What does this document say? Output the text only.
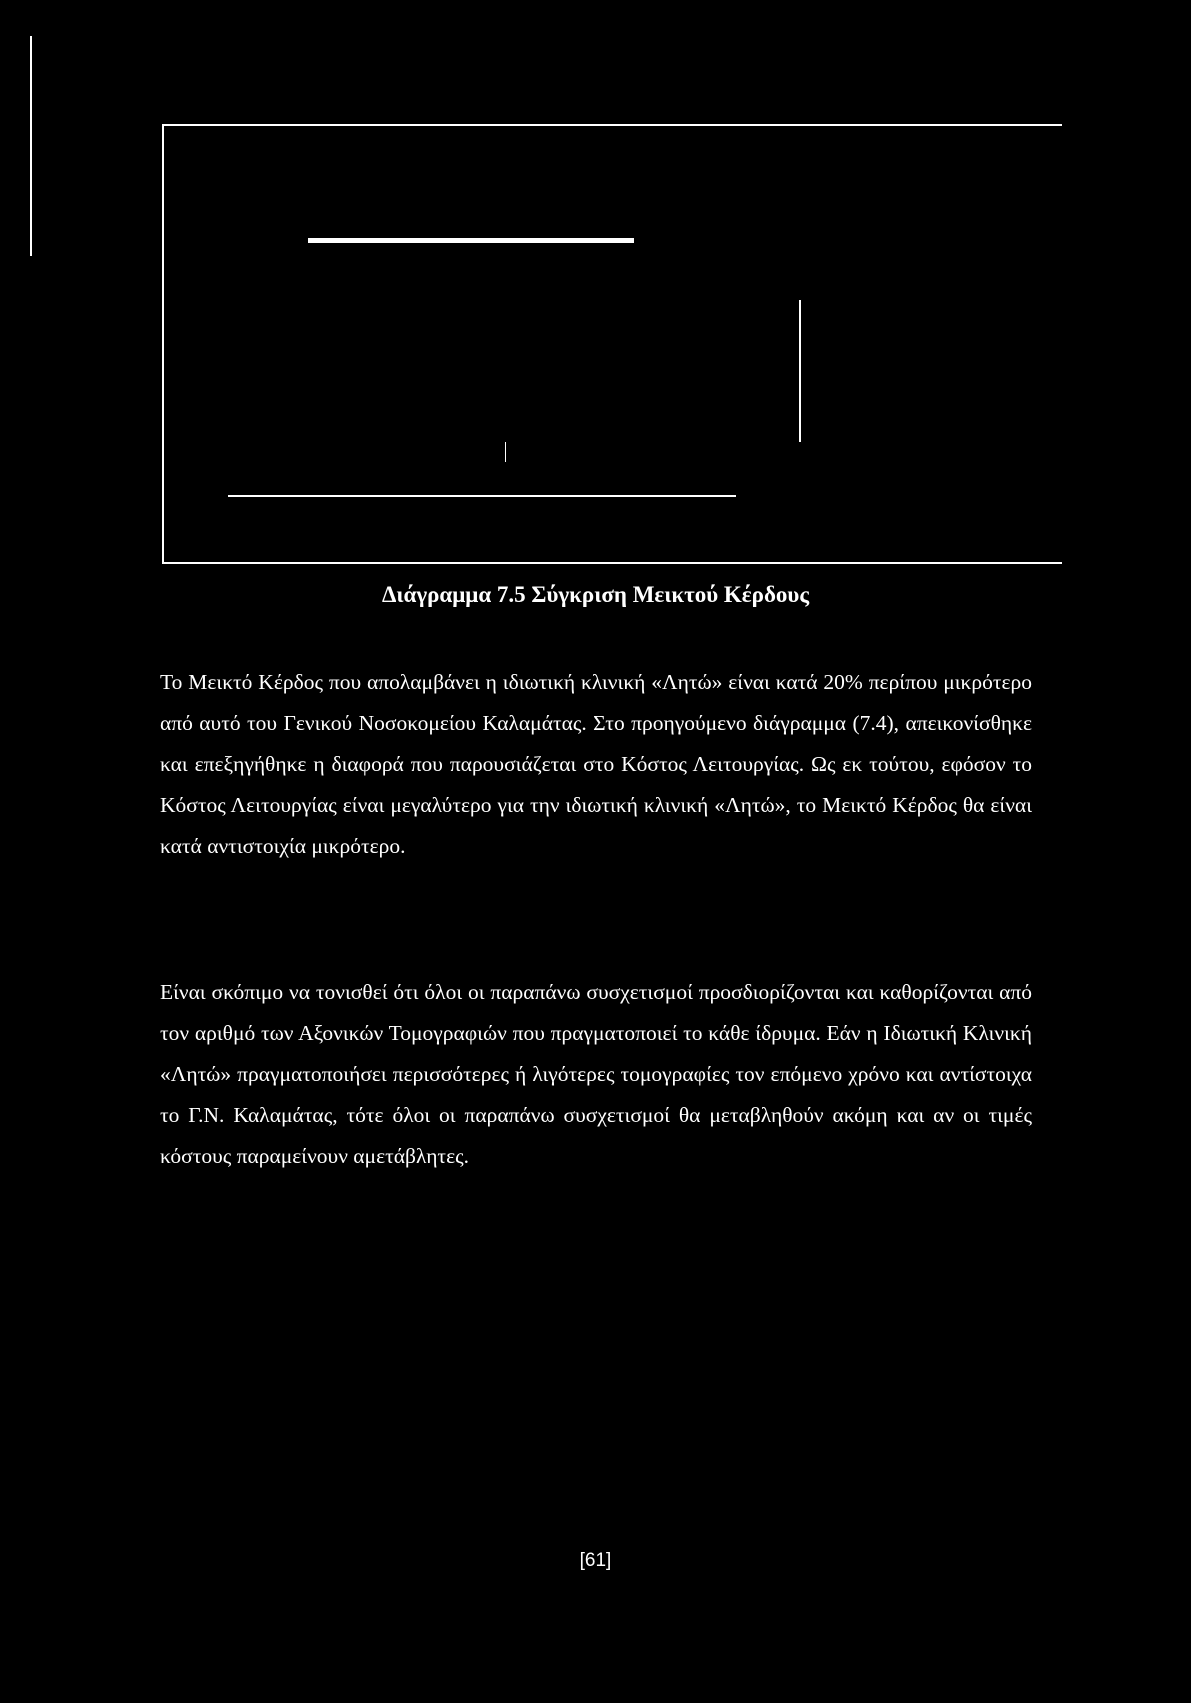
Διάγραμμα 7.5 Σύγκριση Μεικτού Κέρδους

Το Μεικτό Κέρδος που απολαμβάνει η ιδιωτική κλινική «Λητώ» είναι κατά 20% περίπου μικρότερο από αυτό του Γενικού Νοσοκομείου Καλαμάτας. Στο προηγούμενο διάγραμμα (7.4), απεικονίσθηκε και επεξηγήθηκε η διαφορά που παρουσιάζεται στο Κόστος Λειτουργίας. Ως εκ τούτου, εφόσον το Κόστος Λειτουργίας είναι μεγαλύτερο για την ιδιωτική κλινική «Λητώ», το Μεικτό Κέρδος θα είναι κατά αντιστοιχία μικρότερο.

Είναι σκόπιμο να τονισθεί ότι όλοι οι παραπάνω συσχετισμοί προσδιορίζονται και καθορίζονται από τον αριθμό των Αξονικών Τομογραφιών που πραγματοποιεί το κάθε ίδρυμα. Εάν η Ιδιωτική Κλινική «Λητώ» πραγματοποιήσει περισσότερες ή λιγότερες τομογραφίες τον επόμενο χρόνο και αντίστοιχα το Γ.Ν. Καλαμάτας, τότε όλοι οι παραπάνω συσχετισμοί θα μεταβληθούν ακόμη και αν οι τιμές κόστους παραμείνουν αμετάβλητες.

[61]
